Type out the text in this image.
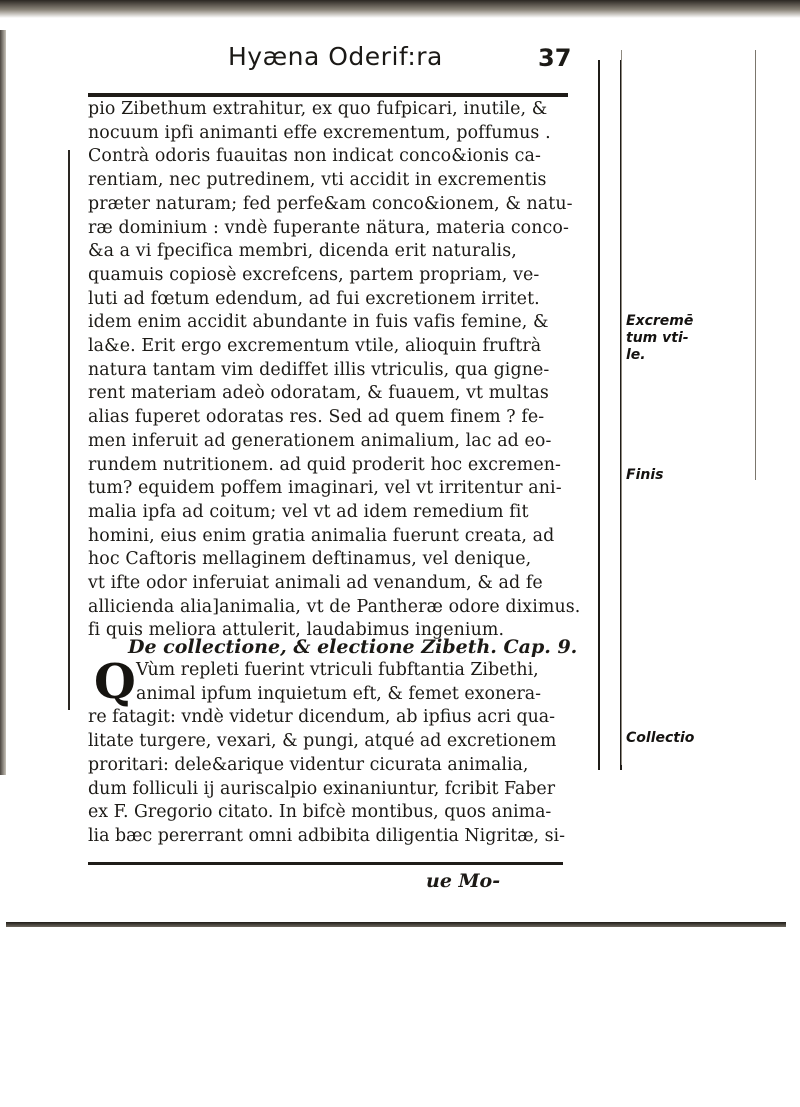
Hyæna Oderif:ra	37
pio Zibethum extrahitur, ex quo fufpicari, inutile, &
nocuum ipfi animanti effe excrementum, poffumus .
Contrà odoris fuauitas non indicat conco&ionis ca-
rentiam, nec putredinem, vti accidit in excrementis
præter naturam; fed perfe&am conco&ionem, & natu-
ræ dominium : vndè fuperante nätura, materia conco-
&a a vi fpecifica membri, dicenda erit naturalis,
quamuis copiosè excrefcens, partem propriam, ve-
luti ad fœtum edendum, ad fui excretionem irritet.
idem enim accidit abundante in fuis vafis femine, &
la&e. Erit ergo excrementum vtile, alioquin fruftrà
natura tantam vim dediffet illis vtriculis, qua gigne-
rent materiam adeò odoratam, & fuauem, vt multas
alias fuperet odoratas res. Sed ad quem finem ? fe-
men inferuit ad generationem animalium, lac ad eo-
rundem nutritionem. ad quid proderit hoc excremen-
tum? equidem poffem imaginari, vel vt irritentur ani-
malia ipfa ad coitum; vel vt ad idem remedium fit
homini, eius enim gratia animalia fuerunt creata, ad
hoc Caftoris mellaginem deftinamus, vel denique,
vt ifte odor inferuiat animali ad venandum, & ad fe
allicienda alia]animalia, vt de Pantheræ odore diximus.
fi quis meliora attulerit, laudabimus ingenium.
De collectione, & electione Zibeth. Cap. 9.
Q Vùm repleti fuerint vtriculi fubftantia Zibethi,
animal ipfum inquietum eft, & femet exonera-
re fatagit: vndè videtur dicendum, ab ipfius acri qua-
litate turgere, vexari, & pungi, atqué ad excretionem
proritari: dele&arique videntur cicurata animalia,
dum folliculi ij auriscalpio exinaniuntur, fcribit Faber
ex F. Gregorio citato. In bifcè montibus, quos anima-
lia bæc pererrant omni adbibita diligentia Nigritæ, si-
ue Mo-
Excremē
tum vti-
le.
Finis
Collectio
